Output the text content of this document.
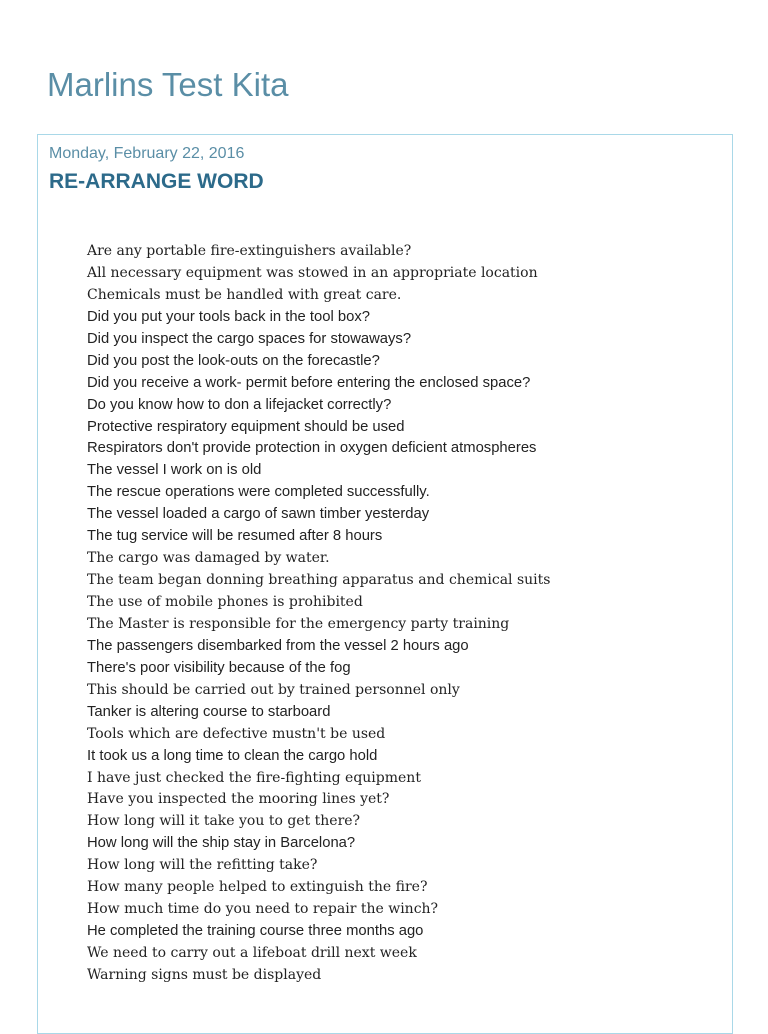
Marlins Test Kita
Monday, February 22, 2016
RE-ARRANGE WORD
Are any portable fire-extinguishers available?
All necessary equipment was stowed in an appropriate location
Chemicals must be handled with great care.
Did you put your tools back in the tool box?
Did you inspect the cargo spaces for stowaways?
Did you post the look-outs on the forecastle?
Did you receive a work- permit before entering the enclosed space?
Do you know how to don a lifejacket correctly?
Protective respiratory equipment should be used
Respirators don't provide protection in oxygen deficient atmospheres
The vessel I work on is old
The rescue operations were completed successfully.
The vessel loaded a cargo of sawn timber yesterday
The tug service will be resumed after 8 hours
The cargo was damaged by water.
The team began donning breathing apparatus and chemical suits
The use of mobile phones is prohibited
The Master is responsible for the emergency party training
The passengers disembarked from the vessel 2 hours ago
There's poor visibility because of the fog
This should be carried out by trained personnel only
Tanker is altering course to starboard
Tools which are defective mustn't be used
It took us a long time to clean the cargo hold
I have just checked the fire-fighting equipment
Have you inspected the mooring lines yet?
How long will it take you to get there?
How long will the ship stay in Barcelona?
How long will the refitting take?
How many people helped to extinguish the fire?
How much time do you need to repair the winch?
He completed the training course three months ago
We need to carry out a lifeboat drill next week
Warning signs must be displayed
